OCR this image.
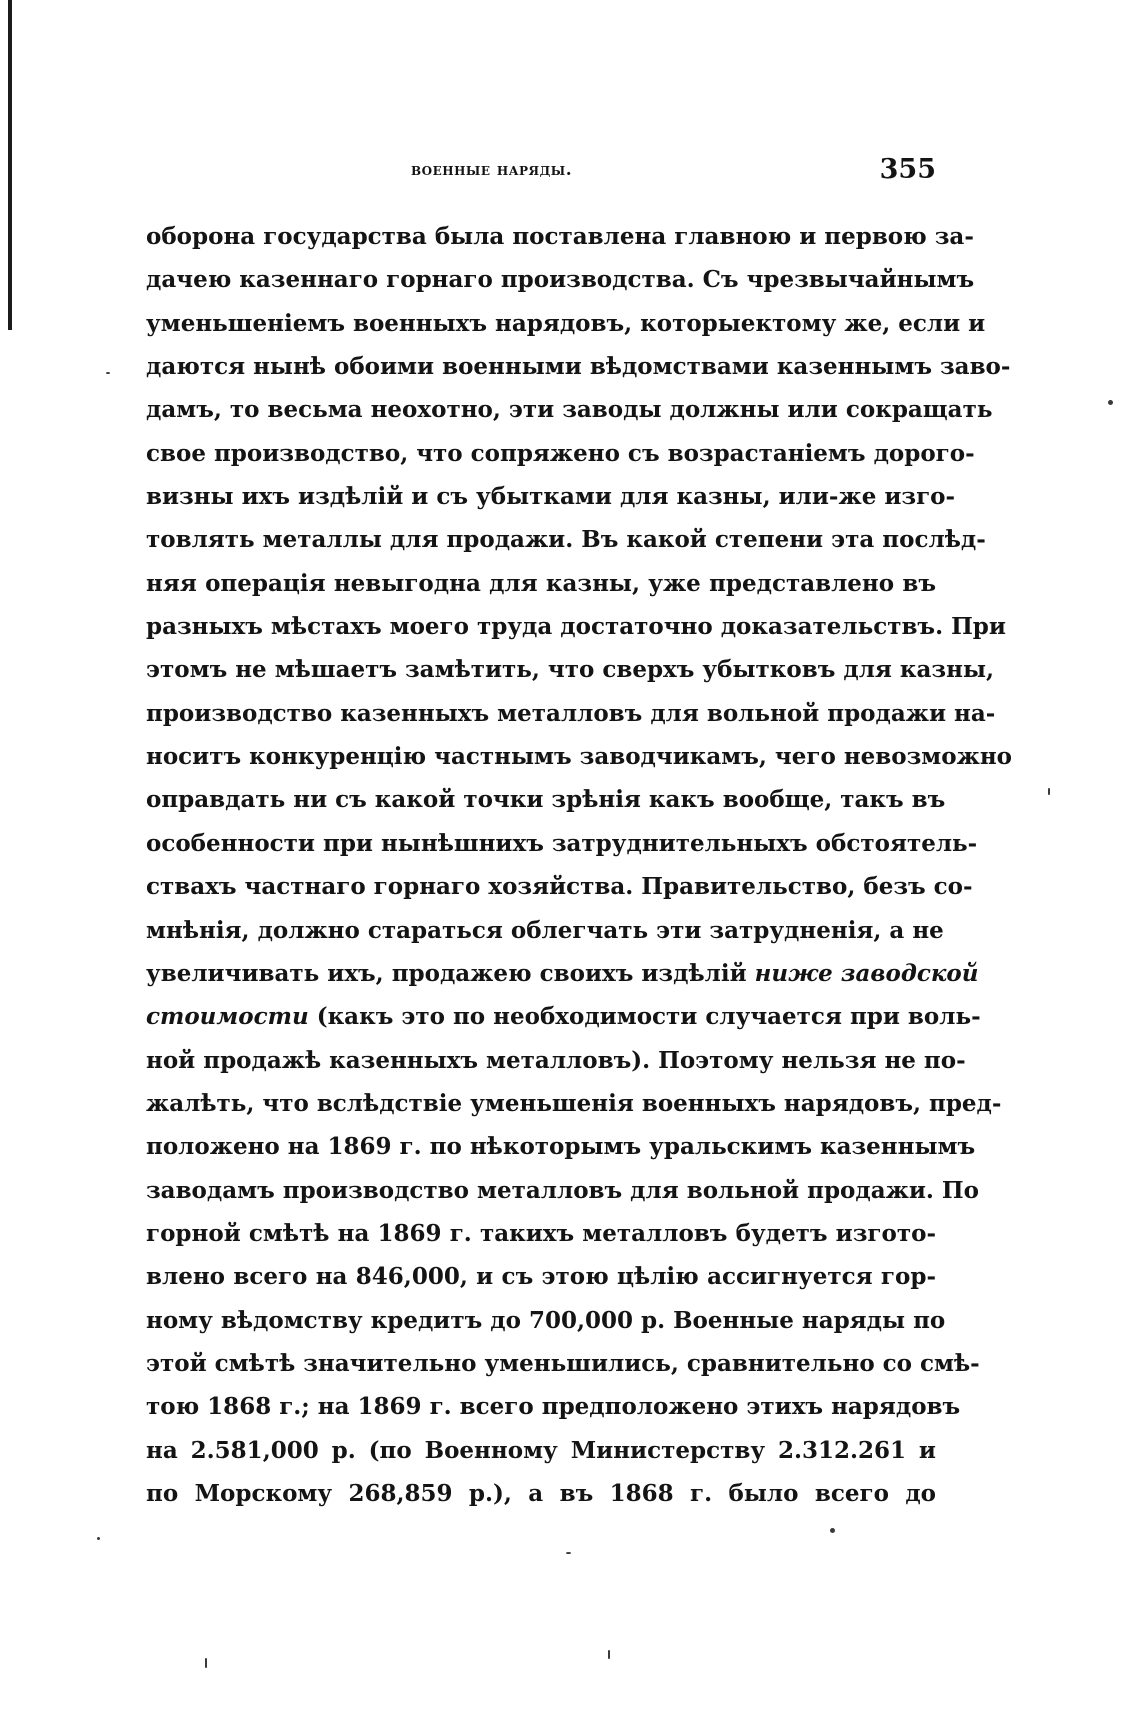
военные наряды.	355
оборона государства была поставлена главною и первою за-
дачею казеннаго горнаго производства. Съ чрезвычайнымъ
уменьшеніемъ военныхъ нарядовъ, которыектому же, если и
даются нынѣ обоими военными вѣдомствами казеннымъ заво-
дамъ, то весьма неохотно, эти заводы должны или сокращать
свое производство, что сопряжено съ возрастаніемъ дорого-
визны ихъ издѣлій и съ убытками для казны, или-же изго-
товлять металлы для продажи. Въ какой степени эта послѣд-
няя операція невыгодна для казны, уже представлено въ
разныхъ мѣстахъ моего труда достаточно доказательствъ. При
этомъ не мѣшаетъ замѣтить, что сверхъ убытковъ для казны,
производство казенныхъ металловъ для вольной продажи на-
носитъ конкуренцію частнымъ заводчикамъ, чего невозможно
оправдать ни съ какой точки зрѣнія какъ вообще, такъ въ
особенности при нынѣшнихъ затруднительныхъ обстоятель-
ствахъ частнаго горнаго хозяйства. Правительство, безъ со-
мнѣнія, должно стараться облегчать эти затрудненія, а не
увеличивать ихъ, продажею своихъ издѣлій ниже заводской
стоимости (какъ это по необходимости случается при воль-
ной продажѣ казенныхъ металловъ). Поэтому нельзя не по-
жалѣть, что вслѣдствіе уменьшенія военныхъ нарядовъ, пред-
положено на 1869 г. по нѣкоторымъ уральскимъ казеннымъ
заводамъ производство металловъ для вольной продажи. По
горной смѣтѣ на 1869 г. такихъ металловъ будетъ изгото-
влено всего на 846,000, и съ этою цѣлію ассигнуется гор-
ному вѣдомству кредитъ до 700,000 р. Военные наряды по
этой смѣтѣ значительно уменьшились, сравнительно со смѣ-
тою 1868 г.; на 1869 г. всего предположено этихъ нарядовъ
на 2.581,000 р. (по Военному Министерству 2.312.261 и
по Морскому 268,859 р.), а въ 1868 г. было всего до
